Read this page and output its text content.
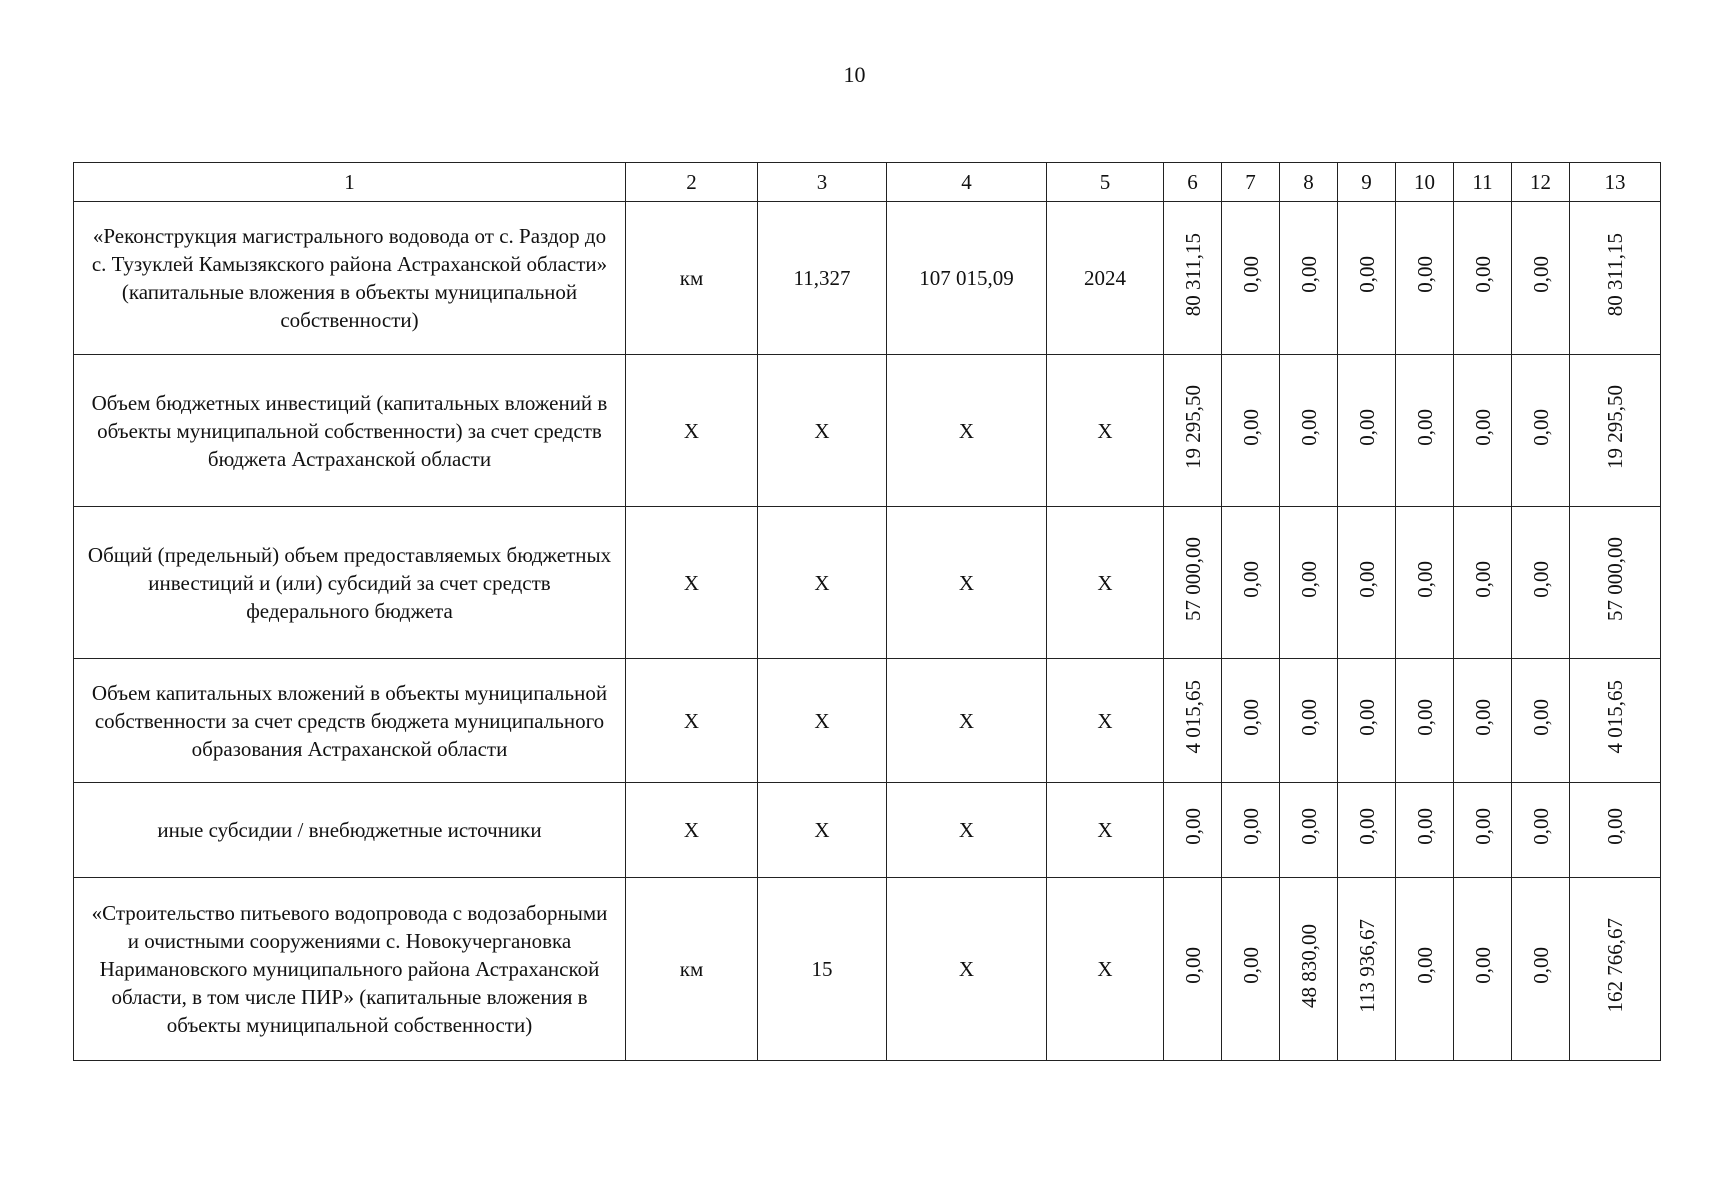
10
1	2	3	4	5	6	7	8	9	10	11	12	13
«Реконструкция магистрального водовода от с. Раздор до с. Тузуклей Камызякского района Астраханской области» (капитальные вложения в объекты муниципальной собственности)	км	11,327	107 015,09	2024	80 311,15	0,00	0,00	0,00	0,00	0,00	0,00	80 311,15
Объем бюджетных инвестиций (капитальных вложений в объекты муниципальной собственности) за счет средств бюджета Астраханской области	Х	Х	Х	Х	19 295,50	0,00	0,00	0,00	0,00	0,00	0,00	19 295,50
Общий (предельный) объем предоставляемых бюджетных инвестиций и (или) субсидий за счет средств федерального бюджета	Х	Х	Х	Х	57 000,00	0,00	0,00	0,00	0,00	0,00	0,00	57 000,00
Объем капитальных вложений в объекты муниципальной собственности за счет средств бюджета муниципального образования Астраханской области	Х	Х	Х	Х	4 015,65	0,00	0,00	0,00	0,00	0,00	0,00	4 015,65
иные субсидии / внебюджетные источники	Х	Х	Х	Х	0,00	0,00	0,00	0,00	0,00	0,00	0,00	0,00
«Строительство питьевого водопровода с водозаборными и очистными сооружениями с. Новокучергановка Наримановского муниципального района Астраханской области, в том числе ПИР» (капитальные вложения в объекты муниципальной собственности)	км	15	Х	Х	0,00	0,00	48 830,00	113 936,67	0,00	0,00	0,00	162 766,67
